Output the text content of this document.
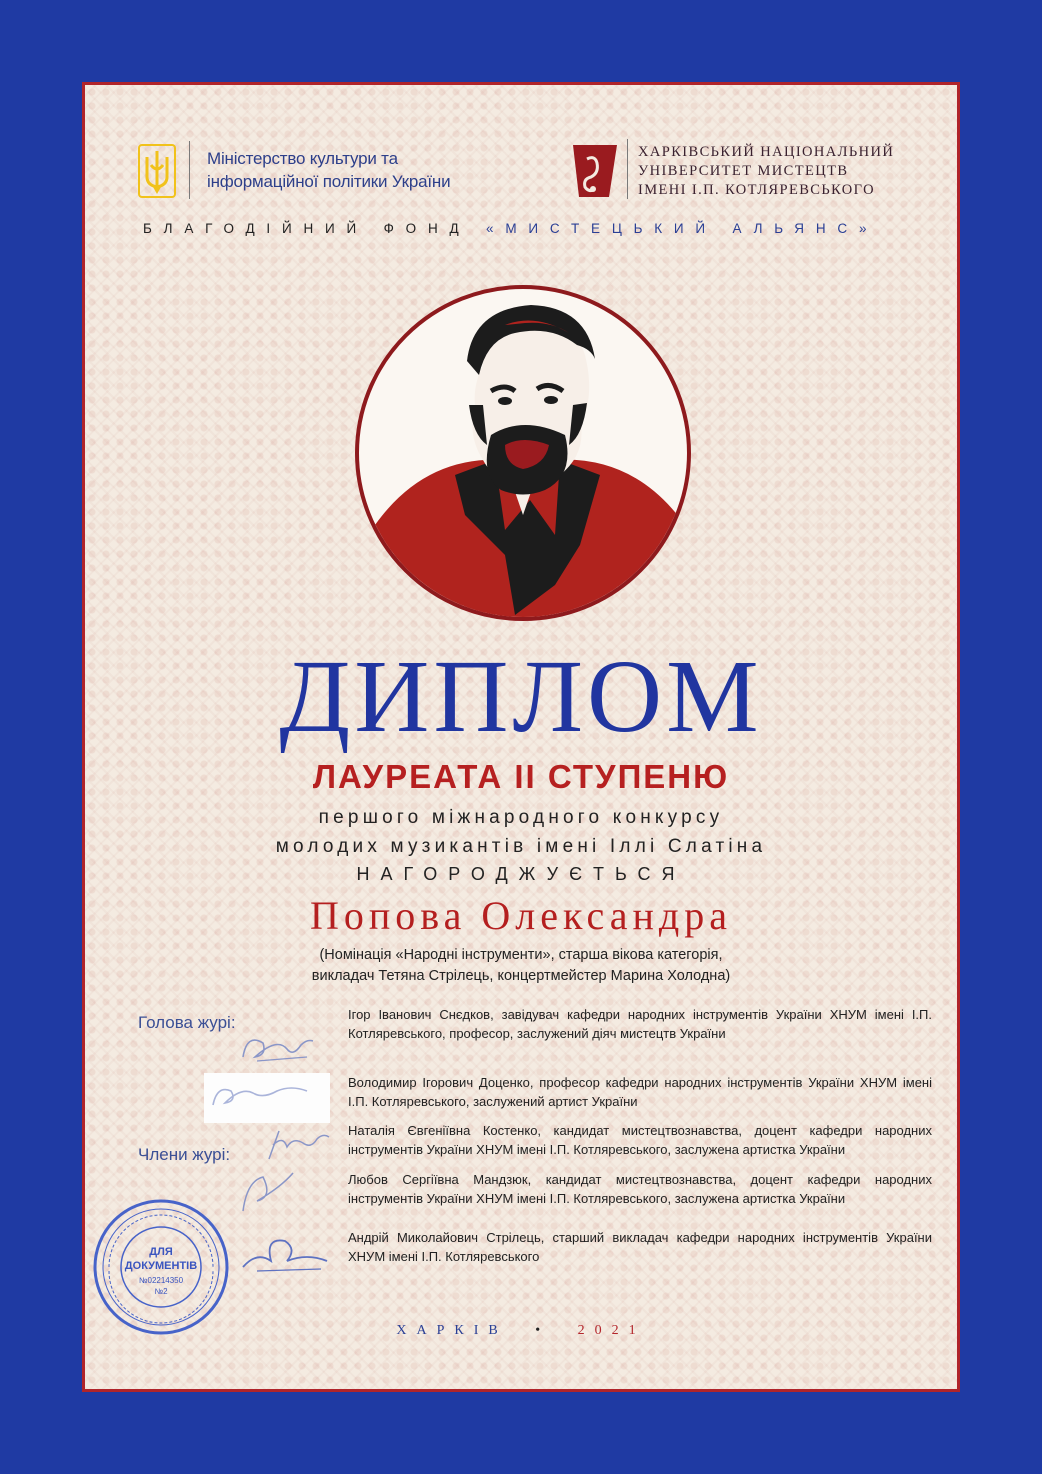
Міністерство культури та
інформаційної політики України
ХАРКІВСЬКИЙ НАЦІОНАЛЬНИЙ
УНІВЕРСИТЕТ МИСТЕЦТВ
ІМЕНІ І.П. КОТЛЯРЕВСЬКОГО
БЛАГОДІЙНИЙ ФОНД «МИСТЕЦЬКИЙ АЛЬЯНС»
ДИПЛОМ
ЛАУРЕАТА ІІ СТУПЕНЮ
першого міжнародного конкурсу
молодих музикантів імені Іллі Слатіна
НАГОРОДЖУЄТЬСЯ
Попова Олександра
(Номінація «Народні інструменти», старша вікова категорія,
викладач Тетяна Стрілець, концертмейстер Марина Холодна)
Голова журі:
Члени журі:
Ігор Іванович Снєдков, завідувач кафедри народних інструментів України ХНУМ імені І.П. Котляревського, професор, заслужений діяч мистецтв України
Володимир Ігорович Доценко, професор кафедри народних інструментів України ХНУМ імені І.П. Котляревського, заслужений артист України
Наталія Євгеніївна Костенко, кандидат мистецтвознавства, доцент кафедри народних інструментів України ХНУМ імені І.П. Котляревського, заслужена артистка України
Любов Сергіївна Мандзюк, кандидат мистецтвознавства, доцент кафедри народних інструментів України ХНУМ імені І.П. Котляревського, заслужена артистка України
Андрій Миколайович Стрілець, старший викладач кафедри народних інструментів України ХНУМ імені І.П. Котляревського
ДЛЯ
ДОКУМЕНТІВ
№02214350
№2
ХАРКІВ • 2021
